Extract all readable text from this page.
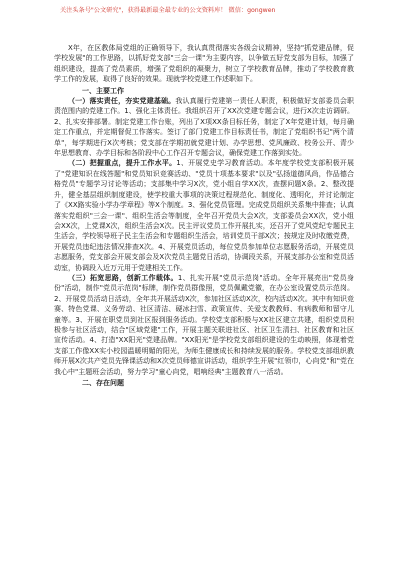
关注头条号"公文研究"，获得最新最全最专业的公文资料库！ 微信：gongwen

X年，在区教体局党组的正确领导下，我认真贯彻落实各级会议精神，坚持"抓党建品牌，促学校发展"的工作思路，以抓好党支部"三会一课"为主要内容，以争做五好党支部为目标，加强了组织建设，提高了党员素质，增强了党组织的凝聚力，树立了学校教育品牌，推动了学校教育教学工作的发展，取得了良好的效果。现就学校党建工作述职如下。

一、主要工作

（一）落实责任，夯实党建基础。我认真履行党建第一责任人职责，积极做好支部委员会职责范围内的党建工作。1、强化主体责任。我组织召开了XX次党建专题会议，进行X次走访调研。2、扎实安排部署。制定党建工作台账，列出了X项XX条目标任务，制定了X年党建计划，每月确定工作重点，并定期督促工作落实。签订了部门党建工作目标责任书，制定了党组织书记"两个清单"，每学期进行X次考核；党支部在学期初就党建计划、办学思想、党风廉政、校务公开、青少年思想教育、办学目标和各阶段中心工作召开专题会议，确保党建工作落到实处。

（二）把握重点，提升工作水平。1、开展党史学习教育活动。本年度学校党支部积极开展了"党建知识在线答题"和党员知识竞赛活动、"党员十项基本要求"以及"弘扬道德风尚，作品德合格党员"专题学习讨论等活动；支部集中学习X次，党小组自学XX次，查摆问题X条。2、整改提升，健全基层组织制度建设，使学校重大事项的决策过程规范化、制度化、透明化，并讨论制定了《XX路实验小学办学章程》等X个制度。3、强化党员管理。完成党员组织关系集中排查；认真落实党组织"三会一课"、组织生活会等制度，全年召开党员大会X次，支部委员会XX次，党小组会XX次，上党课X次，组织生活会X次。民主评议党员工作开展扎实，还召开了党风党纪专题民主生活会，学校领导班子民主生活会和专题组织生活会，培训党员干部X次；按规定及时收缴党费，开展党员违纪违法情况排查X次。4、开展党员活动，每位党员参加单位志愿服务活动，开展党员志愿服务，党支部会开展支部会及X次党员主题党日活动，协调段关系，开展支部办公室和党员活动室，协调段入近万元用于党建相关工作。

（三）拓宽思路，创新工作载体。1、扎实开展"党员示范岗"活动。全年开展亮出"党员身份"活动，制作"党员示范岗"标牌，制作党员群像照，党员佩戴党徽，在办公室设置党员示范岗。2、开展党员活动日活动，全年共开展活动X次，参加社区活动X次，校内活动X次。其中有知识竞赛、特色党课、义务劳动、社区清洁、硬冰扫雪、政策宣传、关爱支教教师、有病教师和留守儿童等。3、开展在职党员到社区报到服务活动。学校党支部积极与XX社区建立共建，组织党员积极参与社区活动，结合"区域党建"工作，开展主题关联进社区、社区卫生清扫、社区教育和社区宣传活动。4、打造"XX阳光"党建品牌。"XX阳光"是学校党支部组织建设的生动映照，体现着党支部工作像XX实小校园温暖明媚的阳光，为师生健康成长和持续发展的服务。学校党支部组织教师开展X次共产党员先锋课活动和X次党员师德宣讲活动，组织学生开展"红领巾，心向党"和"党在我心中"主题班会活动，努力学习"童心向党，唱响经典"主题教育八一活动。

二、存在问题
